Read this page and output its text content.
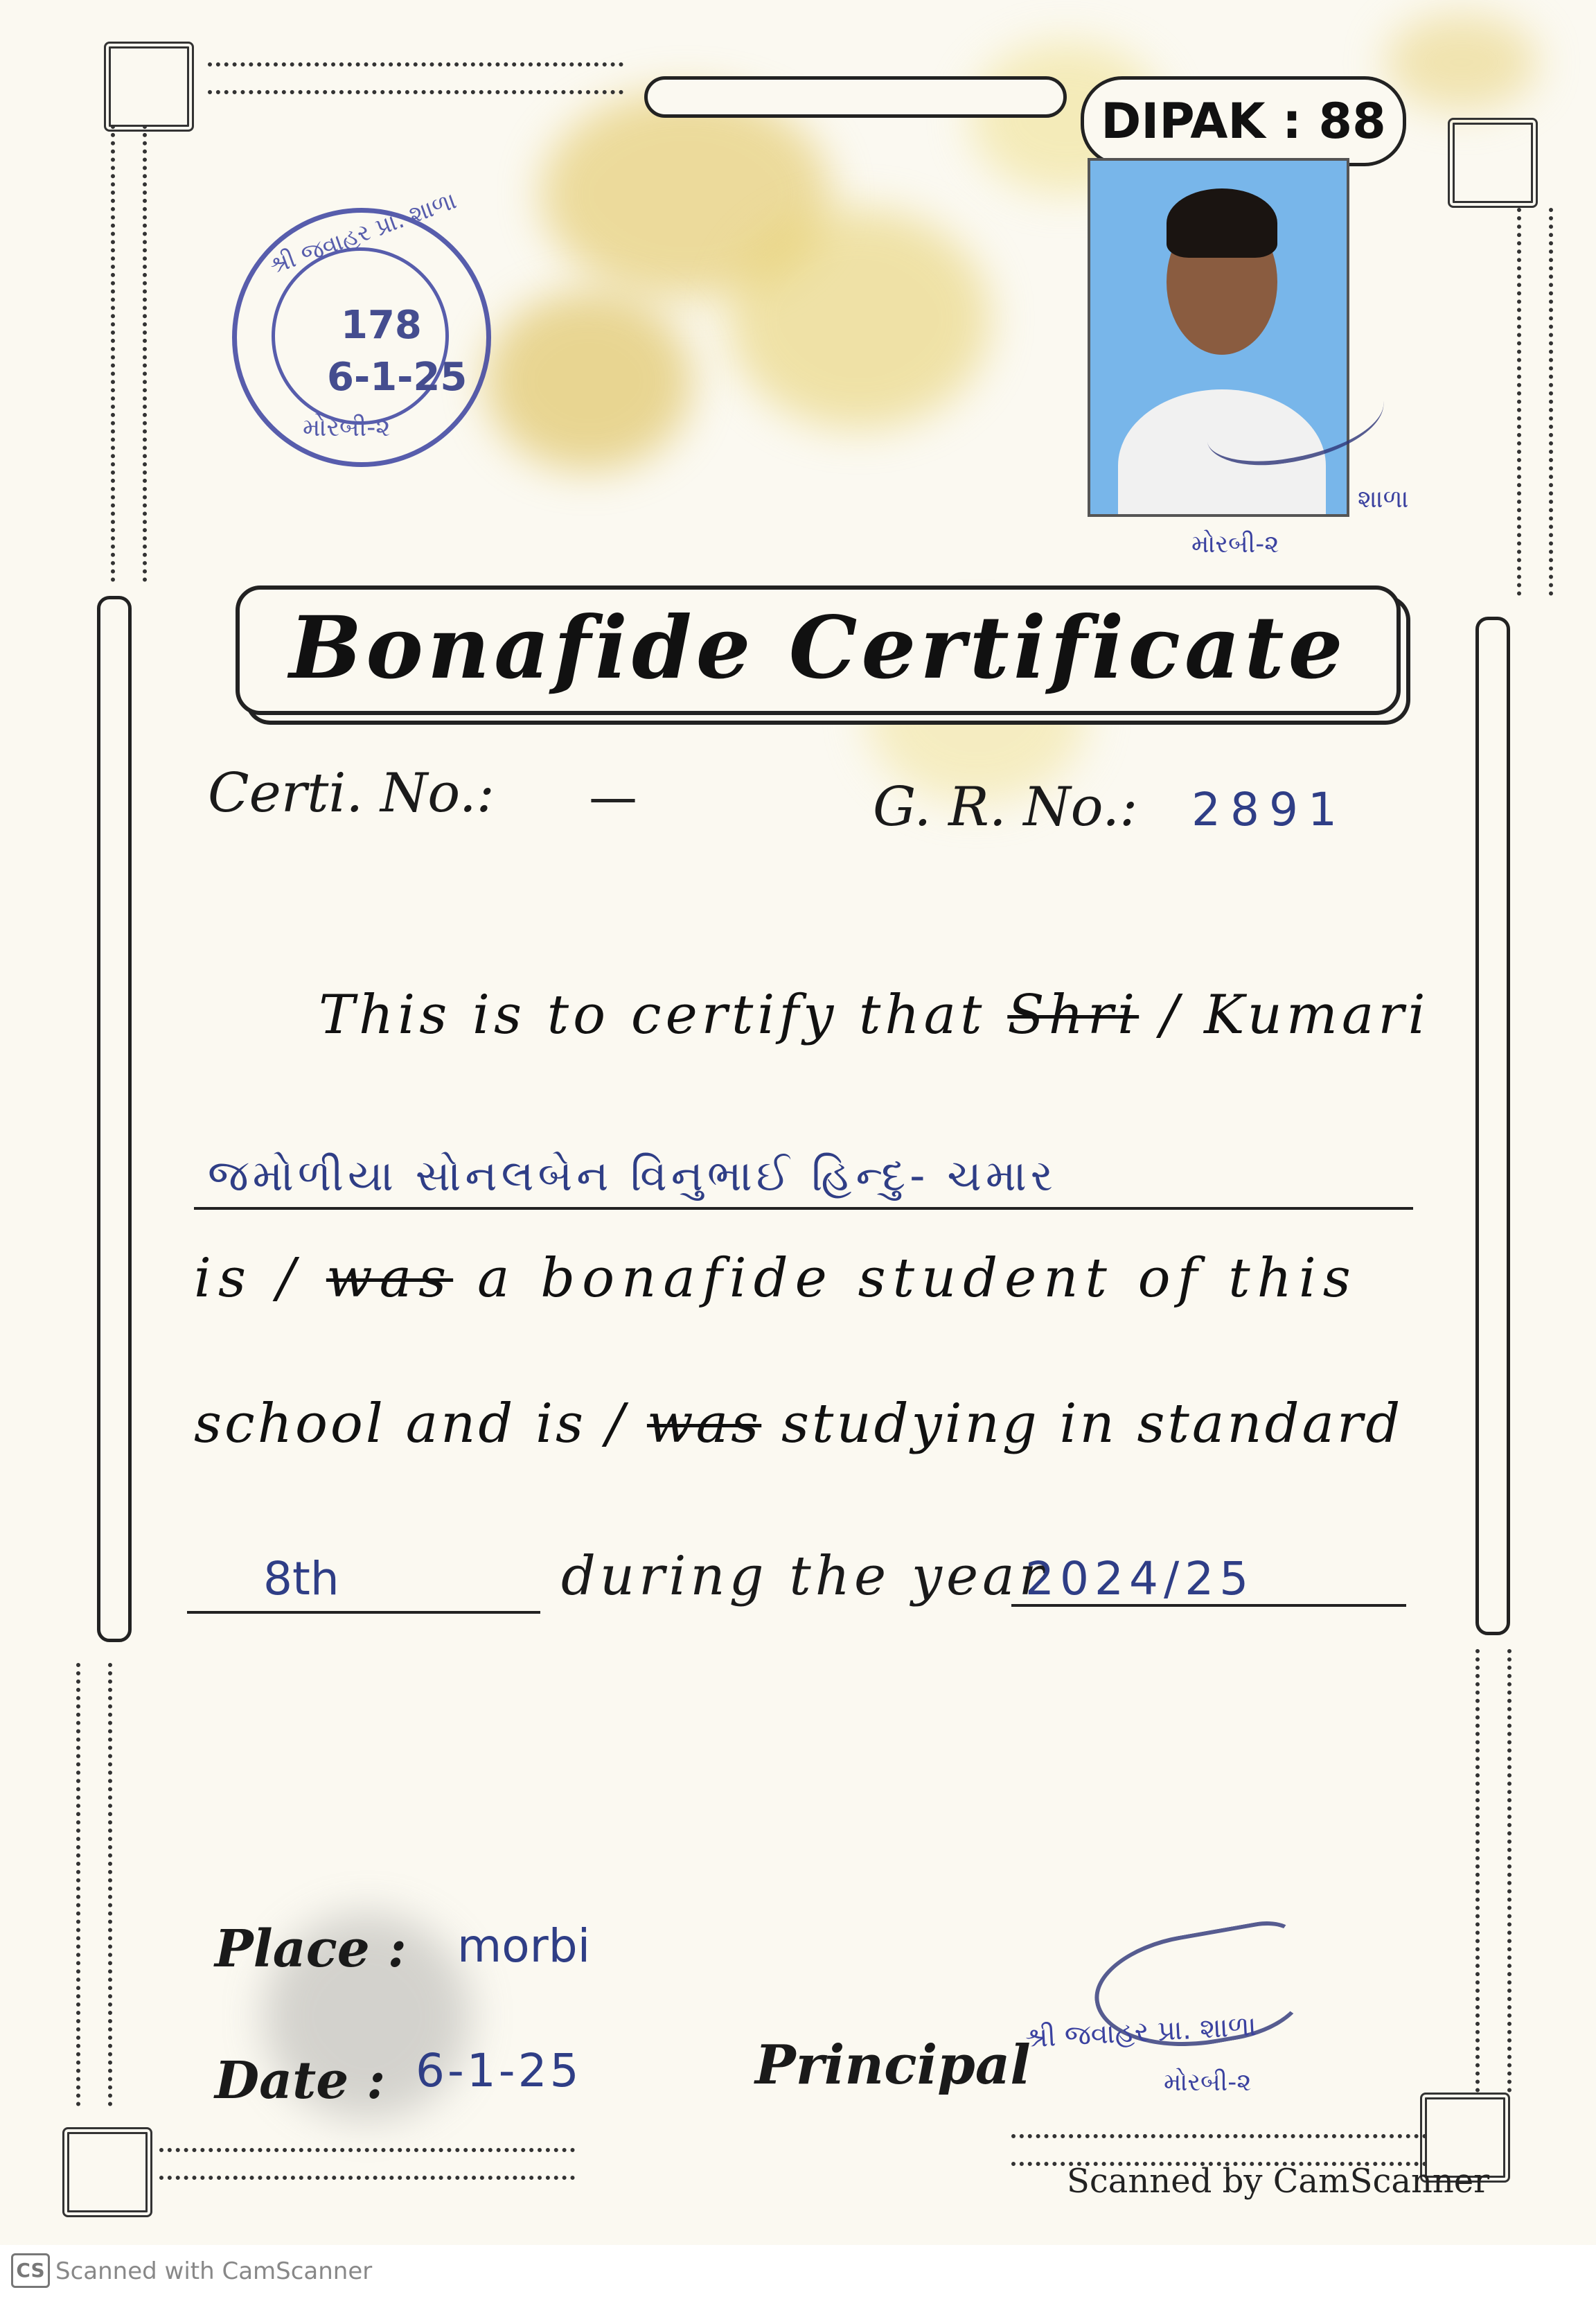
DIPAK : 88
શ્રી જવાહર પ્રા. શાળા
178
6-1-25
મોરબી-૨
શાળા
મોરબી-૨
Bonafide Certificate
Certi. No.: —	G. R. No.: 2891
This is to certify that Shri / Kumari
જમોળીયા સોનલબેન વિનુભાઈ હિન્દુ- ચમાર
is / was a bonafide student of this
school and is / was studying in standard
8th	during the year
2024/25
Place : morbi
Date : 6-1-25	Principal
શ્રી જવાહર પ્રા. શાળા
મોરબી-૨
Scanned by CamScanner
CS Scanned with CamScanner
